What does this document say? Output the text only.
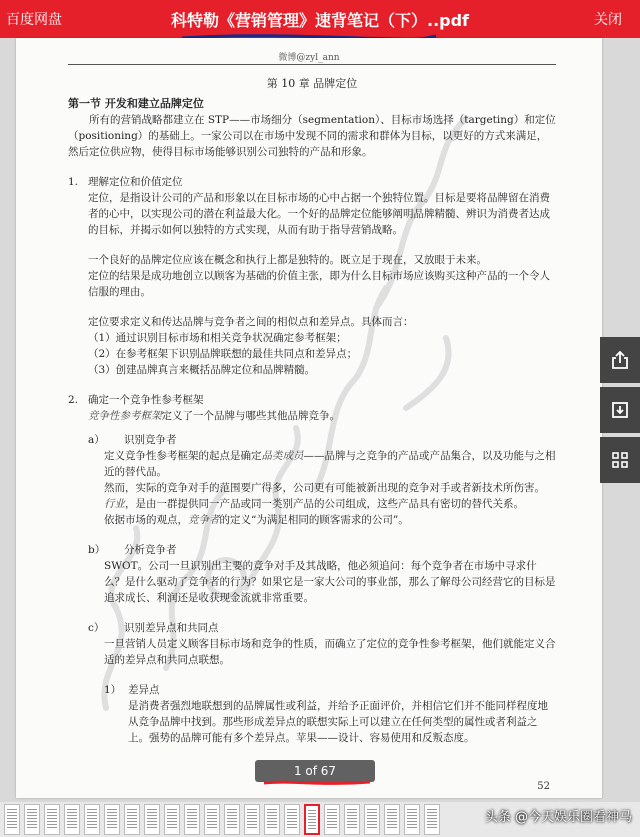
百度网盘	科特勒《营销管理》速背笔记（下）..pdf	关闭
微博@zyl_ann
第 10 章 品牌定位
第一节 开发和建立品牌定位
所有的营销战略都建立在 STP——市场细分（segmentation）、目标市场选择（targeting）和定位（positioning）的基础上。一家公司以在市场中发现不同的需求和群体为目标，以更好的方式来满足，然后定位供应物，使得目标市场能够识别公司独特的产品和形象。
1. 理解定位和价值定位
定位，是指设计公司的产品和形象以在目标市场的心中占据一个独特位置。目标是要将品牌留在消费者的心中，以实现公司的潜在利益最大化。一个好的品牌定位能够阐明品牌精髓、辨识为消费者达成的目标，并揭示如何以独特的方式实现，从而有助于指导营销战略。
一个良好的品牌定位应该在概念和执行上都是独特的。既立足于现在，又放眼于未来。
定位的结果是成功地创立以顾客为基础的价值主张，即为什么目标市场应该购买这种产品的一个令人信服的理由。
定位要求定义和传达品牌与竞争者之间的相似点和差异点。具体而言：
（1）通过识别目标市场和相关竞争状况确定参考框架；
（2）在参考框架下识别品牌联想的最佳共同点和差异点；
（3）创建品牌真言来概括品牌定位和品牌精髓。
2. 确定一个竞争性参考框架
竞争性参考框架定义了一个品牌与哪些其他品牌竞争。
a）	识别竞争者
定义竞争性参考框架的起点是确定品类成员——品牌与之竞争的产品或产品集合，以及功能与之相近的替代品。
然而，实际的竞争对手的范围要广得多，公司更有可能被新出现的竞争对手或者新技术所伤害。
行业，是由一群提供同一产品或同一类别产品的公司组成，这些产品具有密切的替代关系。
依据市场的观点，竞争者的定义“为满足相同的顾客需求的公司”。
b）	分析竞争者
SWOT。公司一旦识别出主要的竞争对手及其战略，他必须追问：每个竞争者在市场中寻求什么？是什么驱动了竞争者的行为？如果它是一家大公司的事业部，那么了解母公司经营它的目标是追求成长、利润还是收获现金流就非常重要。
c）	识别差异点和共同点
一旦营销人员定义顾客目标市场和竞争的性质，而确立了定位的竞争性参考框架，他们就能定义合适的差异点和共同点联想。
1） 差异点
是消费者强烈地联想到的品牌属性或利益，并给予正面评价，并相信它们并不能同样程度地从竞争品牌中找到。那些形成差异点的联想实际上可以建立在任何类型的属性或者利益之上。强势的品牌可能有多个差异点。苹果——设计、容易使用和反叛态度。
52
1 of 67
头条 @今天娱乐圈看神马
